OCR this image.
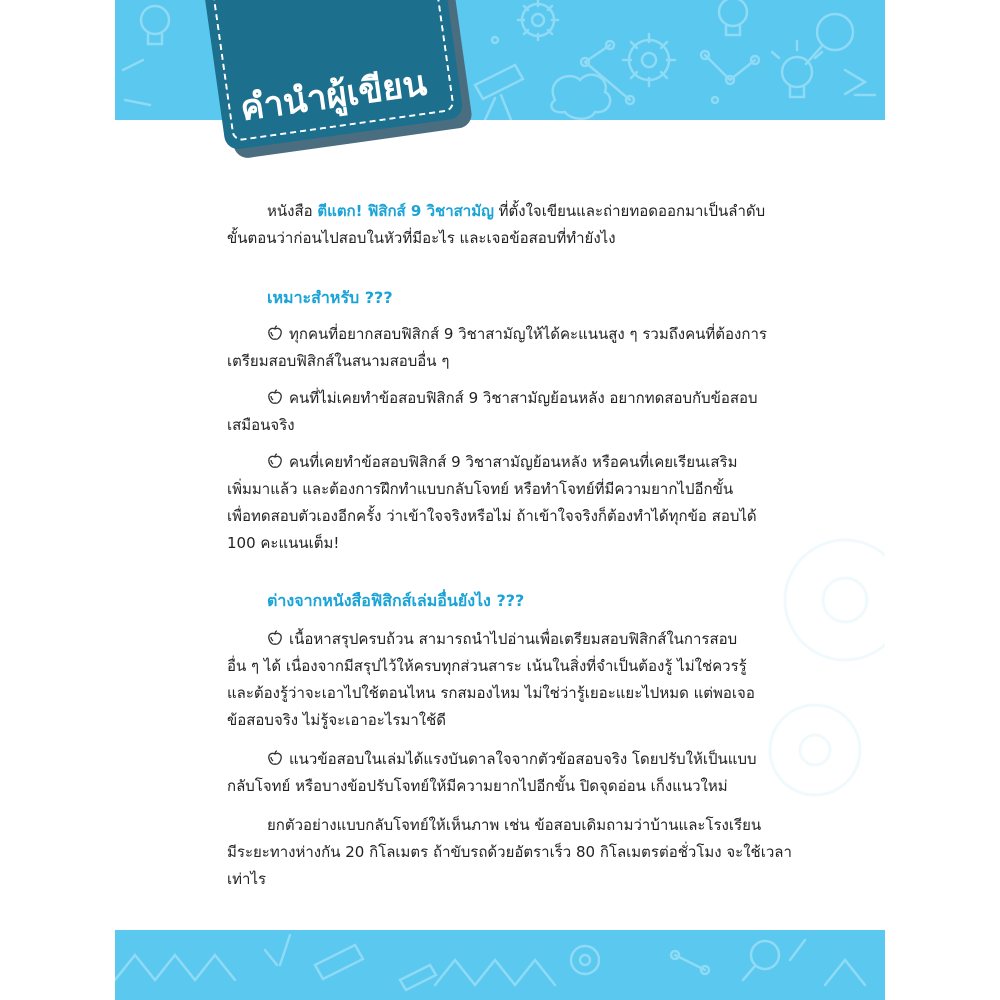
คำนำผู้เขียน

หนังสือ ตีแตก! ฟิสิกส์ 9 วิชาสามัญ ที่ตั้งใจเขียนและถ่ายทอดออกมาเป็นลำดับ
ขั้นตอนว่าก่อนไปสอบในหัวที่มีอะไร และเจอข้อสอบที่ทำยังไง

เหมาะสำหรับ ???

ทุกคนที่อยากสอบฟิสิกส์ 9 วิชาสามัญให้ได้คะแนนสูง ๆ รวมถึงคนที่ต้องการ
เตรียมสอบฟิสิกส์ในสนามสอบอื่น ๆ

คนที่ไม่เคยทำข้อสอบฟิสิกส์ 9 วิชาสามัญย้อนหลัง อยากทดสอบกับข้อสอบ
เสมือนจริง

คนที่เคยทำข้อสอบฟิสิกส์ 9 วิชาสามัญย้อนหลัง หรือคนที่เคยเรียนเสริม
เพิ่มมาแล้ว และต้องการฝึกทำแบบกลับโจทย์ หรือทำโจทย์ที่มีความยากไปอีกขั้น
เพื่อทดสอบตัวเองอีกครั้ง ว่าเข้าใจจริงหรือไม่ ถ้าเข้าใจจริงก็ต้องทำได้ทุกข้อ สอบได้
100 คะแนนเต็ม!

ต่างจากหนังสือฟิสิกส์เล่มอื่นยังไง ???

เนื้อหาสรุปครบถ้วน สามารถนำไปอ่านเพื่อเตรียมสอบฟิสิกส์ในการสอบ
อื่น ๆ ได้ เนื่องจากมีสรุปไว้ให้ครบทุกส่วนสาระ เน้นในสิ่งที่จำเป็นต้องรู้ ไม่ใช่ควรรู้
และต้องรู้ว่าจะเอาไปใช้ตอนไหน รกสมองไหม ไม่ใช่ว่ารู้เยอะแยะไปหมด แต่พอเจอ
ข้อสอบจริง ไม่รู้จะเอาอะไรมาใช้ดี

แนวข้อสอบในเล่มได้แรงบันดาลใจจากตัวข้อสอบจริง โดยปรับให้เป็นแบบ
กลับโจทย์ หรือบางข้อปรับโจทย์ให้มีความยากไปอีกขั้น ปิดจุดอ่อน เก็งแนวใหม่

ยกตัวอย่างแบบกลับโจทย์ให้เห็นภาพ เช่น ข้อสอบเดิมถามว่าบ้านและโรงเรียน
มีระยะทางห่างกัน 20 กิโลเมตร ถ้าขับรถด้วยอัตราเร็ว 80 กิโลเมตรต่อชั่วโมง จะใช้เวลา
เท่าไร
